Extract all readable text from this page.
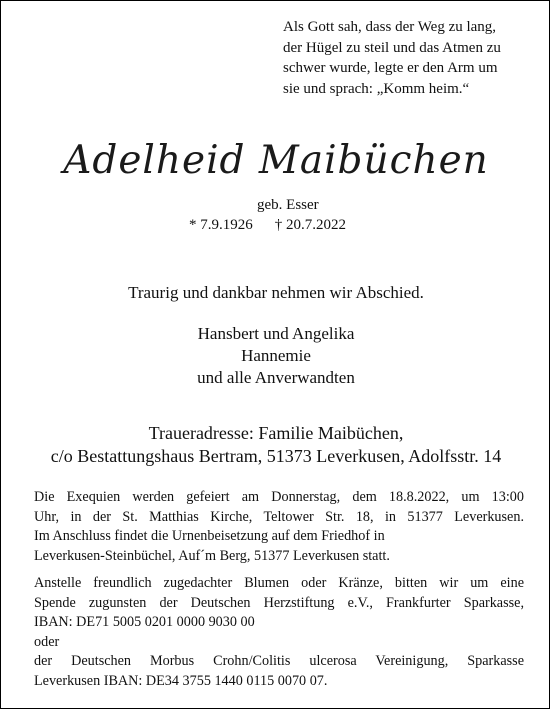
Als Gott sah, dass der Weg zu lang,
der Hügel zu steil und das Atmen zu
schwer wurde, legte er den Arm um
sie und sprach: „Komm heim.“
Adelheid Maibüchen
geb. Esser
* 7.9.1926 † 20.7.2022
Traurig und dankbar nehmen wir Abschied.
Hansbert und Angelika
Hannemie
und alle Anverwandten
Traueradresse: Familie Maibüchen,
c/o Bestattungshaus Bertram, 51373 Leverkusen, Adolfsstr. 14
Die Exequien werden gefeiert am Donnerstag, dem 18.8.2022, um 13:00
Uhr, in der St. Matthias Kirche, Teltower Str. 18, in 51377 Leverkusen.
Im Anschluss findet die Urnenbeisetzung auf dem Friedhof in
Leverkusen-Steinbüchel, Auf´m Berg, 51377 Leverkusen statt.
Anstelle freundlich zugedachter Blumen oder Kränze, bitten wir um eine
Spende zugunsten der Deutschen Herzstiftung e.V., Frankfurter Sparkasse,
IBAN: DE71 5005 0201 0000 9030 00
oder
der Deutschen Morbus Crohn/Colitis ulcerosa Vereinigung, Sparkasse
Leverkusen IBAN: DE34 3755 1440 0115 0070 07.
